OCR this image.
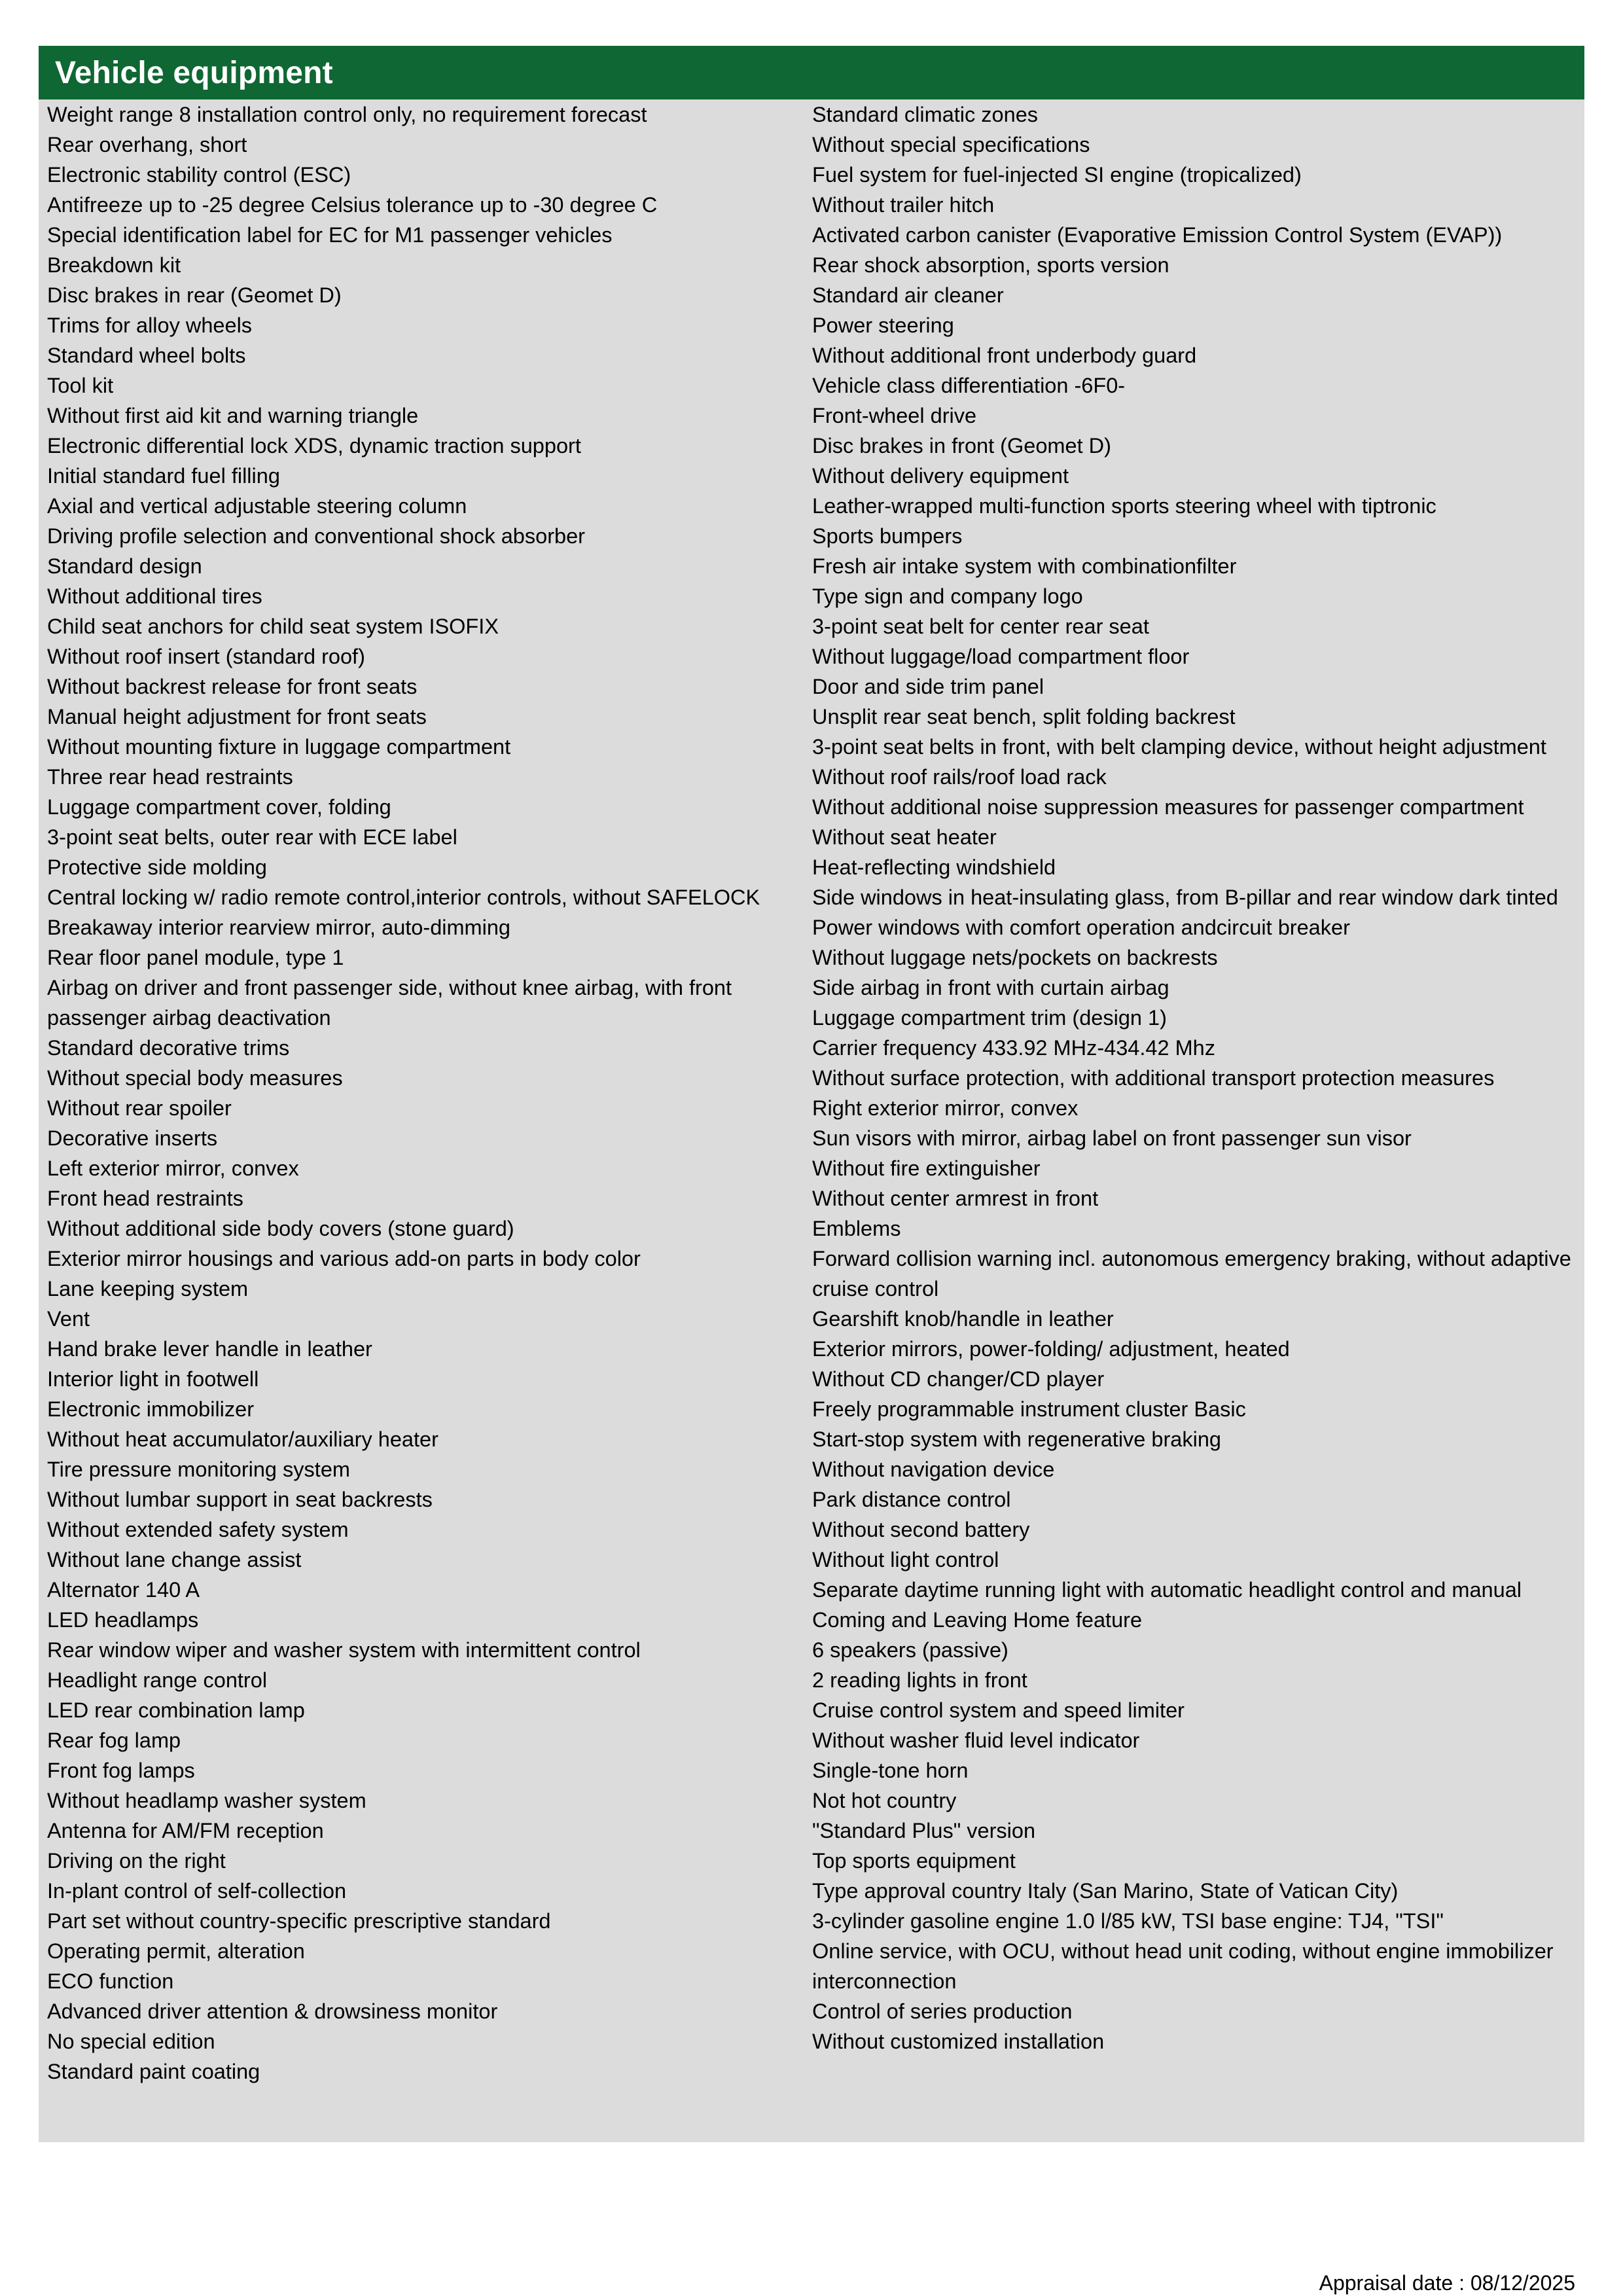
Vehicle equipment
Weight range 8 installation control only, no requirement forecast
Rear overhang, short
Electronic stability control (ESC)
Antifreeze up to -25 degree Celsius tolerance up to -30 degree C
Special identification label for EC for M1 passenger vehicles
Breakdown kit
Disc brakes in rear (Geomet D)
Trims for alloy wheels
Standard wheel bolts
Tool kit
Without first aid kit and warning triangle
Electronic differential lock XDS, dynamic traction support
Initial standard fuel filling
Axial and vertical adjustable steering column
Driving profile selection and conventional shock absorber
Standard design
Without additional tires
Child seat anchors for child seat system ISOFIX
Without roof insert (standard roof)
Without backrest release for front seats
Manual height adjustment for front seats
Without mounting fixture in luggage compartment
Three rear head restraints
Luggage compartment cover, folding
3-point seat belts, outer rear with ECE label
Protective side molding
Central locking w/ radio remote control,interior controls, without SAFELOCK
Breakaway interior rearview mirror, auto-dimming
Rear floor panel module, type 1
Airbag on driver and front passenger side, without knee airbag, with front passenger airbag deactivation
Standard decorative trims
Without special body measures
Without rear spoiler
Decorative inserts
Left exterior mirror, convex
Front head restraints
Without additional side body covers (stone guard)
Exterior mirror housings and various add-on parts in body color
Lane keeping system
Vent
Hand brake lever handle in leather
Interior light in footwell
Electronic immobilizer
Without heat accumulator/auxiliary heater
Tire pressure monitoring system
Without lumbar support in seat backrests
Without extended safety system
Without lane change assist
Alternator 140 A
LED headlamps
Rear window wiper and washer system with intermittent control
Headlight range control
LED rear combination lamp
Rear fog lamp
Front fog lamps
Without headlamp washer system
Antenna for AM/FM reception
Driving on the right
In-plant control of self-collection
Part set without country-specific prescriptive standard
Operating permit, alteration
ECO function
Advanced driver attention & drowsiness monitor
No special edition
Standard paint coating
Standard climatic zones
Without special specifications
Fuel system for fuel-injected SI engine (tropicalized)
Without trailer hitch
Activated carbon canister (Evaporative Emission Control System (EVAP))
Rear shock absorption, sports version
Standard air cleaner
Power steering
Without additional front underbody guard
Vehicle class differentiation -6F0-
Front-wheel drive
Disc brakes in front (Geomet D)
Without delivery equipment
Leather-wrapped multi-function sports steering wheel with tiptronic
Sports bumpers
Fresh air intake system with combinationfilter
Type sign and company logo
3-point seat belt for center rear seat
Without luggage/load compartment floor
Door and side trim panel
Unsplit rear seat bench, split folding backrest
3-point seat belts in front, with belt clamping device, without height adjustment
Without roof rails/roof load rack
Without additional noise suppression measures for passenger compartment
Without seat heater
Heat-reflecting windshield
Side windows in heat-insulating glass, from B-pillar and rear window dark tinted
Power windows with comfort operation andcircuit breaker
Without luggage nets/pockets on backrests
Side airbag in front with curtain airbag
Luggage compartment trim (design 1)
Carrier frequency 433.92 MHz-434.42 Mhz
Without surface protection, with additional transport protection measures
Right exterior mirror, convex
Sun visors with mirror, airbag label on front passenger sun visor
Without fire extinguisher
Without center armrest in front
Emblems
Forward collision warning incl. autonomous emergency braking, without adaptive cruise control
Gearshift knob/handle in leather
Exterior mirrors, power-folding/ adjustment, heated
Without CD changer/CD player
Freely programmable instrument cluster Basic
Start-stop system with regenerative braking
Without navigation device
Park distance control
Without second battery
Without light control
Separate daytime running light with automatic headlight control and manual
Coming and Leaving Home feature
6 speakers (passive)
2 reading lights in front
Cruise control system and speed limiter
Without washer fluid level indicator
Single-tone horn
Not hot country
"Standard Plus" version
Top sports equipment
Type approval country Italy (San Marino, State of Vatican City)
3-cylinder gasoline engine 1.0 l/85 kW, TSI base engine: TJ4, "TSI"
Online service, with OCU, without head unit coding, without engine immobilizer interconnection
Control of series production
Without customized installation
Appraisal date : 08/12/2025
